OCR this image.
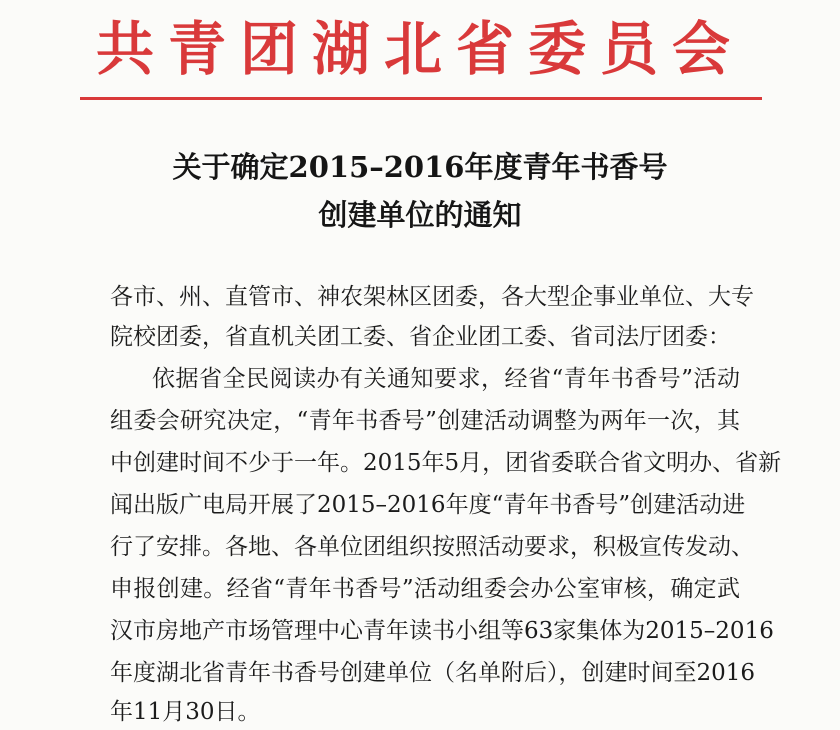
共青团湖北省委员会
关于确定2015–2016年度青年书香号
创建单位的通知
各市、州、直管市、神农架林区团委，各大型企事业单位、大专
院校团委，省直机关团工委、省企业团工委、省司法厅团委：
依据省全民阅读办有关通知要求，经省“青年书香号”活动
组委会研究决定，“青年书香号”创建活动调整为两年一次，其
中创建时间不少于一年。2015年5月，团省委联合省文明办、省新
闻出版广电局开展了2015–2016年度“青年书香号”创建活动进
行了安排。各地、各单位团组织按照活动要求，积极宣传发动、
申报创建。经省“青年书香号”活动组委会办公室审核，确定武
汉市房地产市场管理中心青年读书小组等63家集体为2015–2016
年度湖北省青年书香号创建单位（名单附后），创建时间至2016
年11月30日。
